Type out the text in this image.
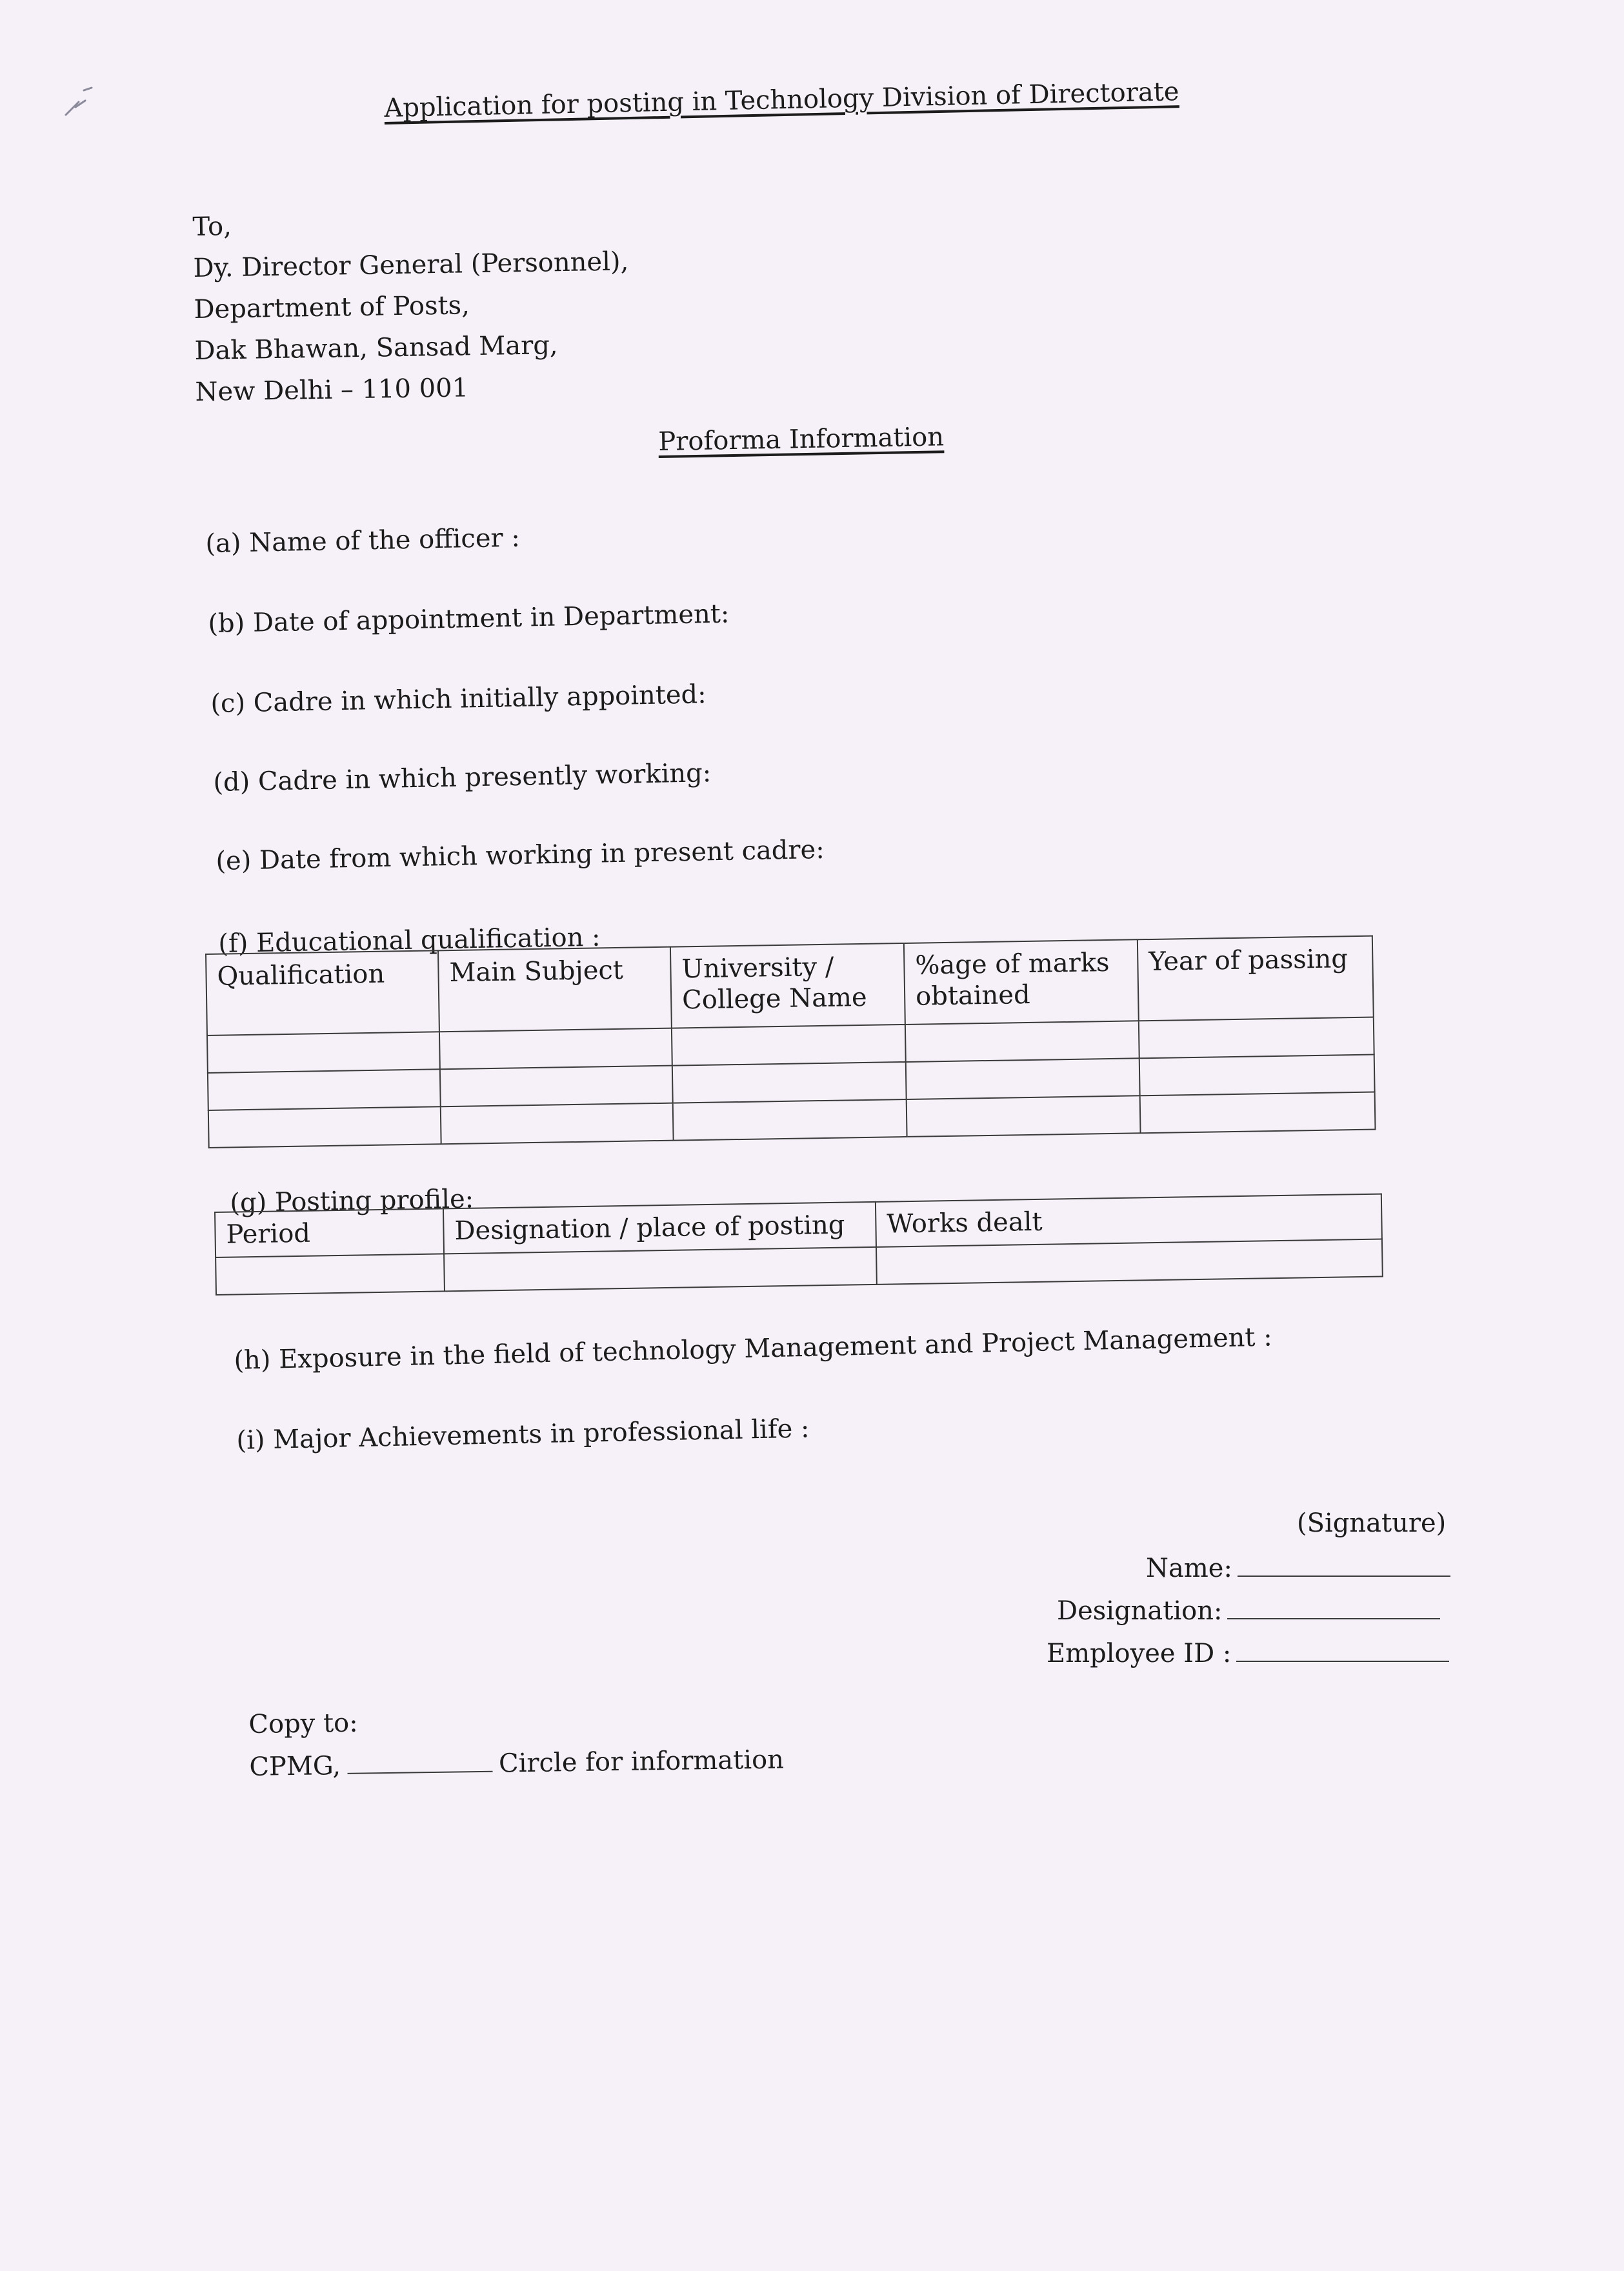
Application for posting in Technology Division of Directorate
To,
Dy. Director General (Personnel),
Department of Posts,
Dak Bhawan, Sansad Marg,
New Delhi – 110 001
Proforma Information
(a) Name of the officer :
(b) Date of appointment in Department:
(c) Cadre in which initially appointed:
(d) Cadre in which presently working:
(e) Date from which working in present cadre:
(f) Educational qualification :
Qualification	Main Subject	University / College Name	%age of marks obtained	Year of passing

(g) Posting profile:
Period	Designation / place of posting	Works dealt

(h) Exposure in the field of technology Management and Project Management :
(i) Major Achievements in professional life :
(Signature)
Name:
Designation:
Employee ID :
Copy to:
CPMG,	Circle for information
